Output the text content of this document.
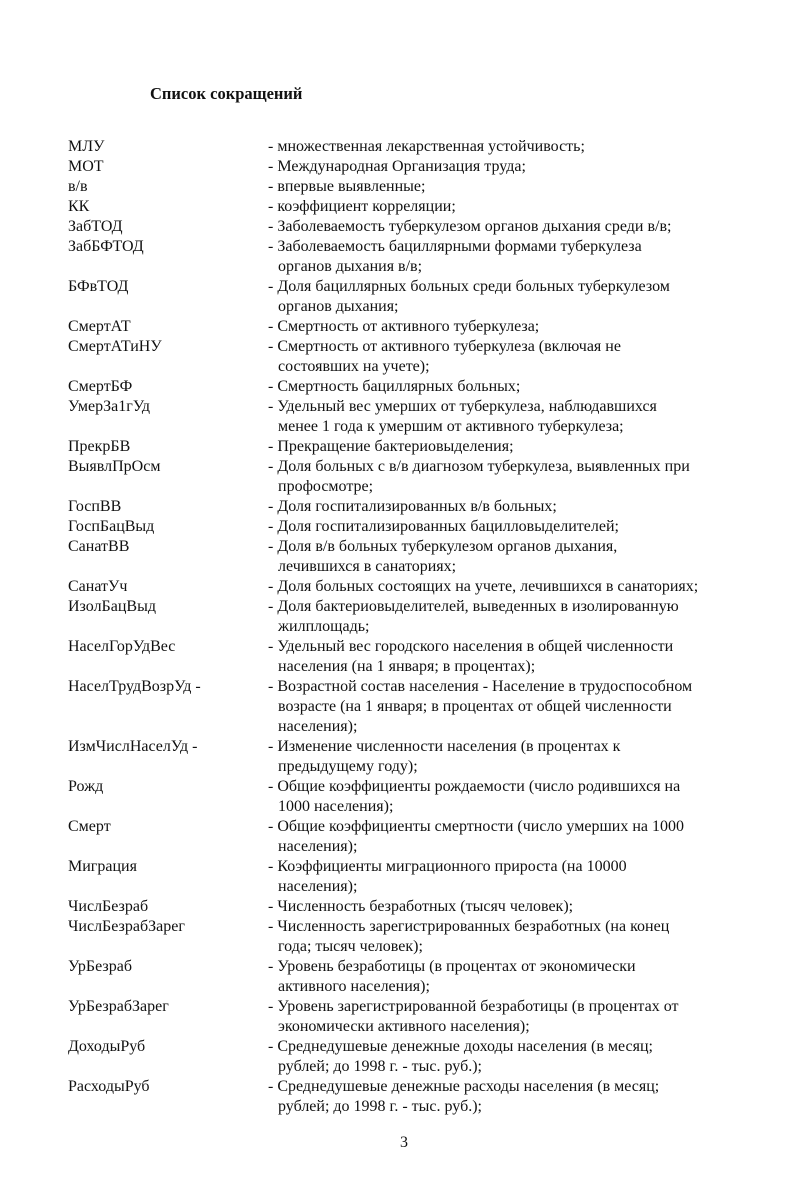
Список сокращений
МЛУ	- множественная лекарственная устойчивость;
МОТ	- Международная Организация труда;
в/в	- впервые выявленные;
КК	- коэффициент корреляции;
ЗабТОД	- Заболеваемость туберкулезом органов дыхания среди в/в;
ЗабБФТОД	- Заболеваемость бациллярными формами туберкулеза
органов дыхания в/в;
БФвТОД	- Доля бациллярных больных среди больных туберкулезом
органов дыхания;
СмертАТ	- Смертность от активного туберкулеза;
СмертАТиНУ	- Смертность от активного туберкулеза (включая не
состоявших на учете);
СмертБФ	- Смертность бациллярных больных;
УмерЗа1гУд	- Удельный вес умерших от туберкулеза, наблюдавшихся
менее 1 года к умершим от активного туберкулеза;
ПрекрБВ	- Прекращение бактериовыделения;
ВыявлПрОсм	- Доля больных с в/в диагнозом туберкулеза, выявленных при
профосмотре;
ГоспВВ	- Доля госпитализированных в/в больных;
ГоспБацВыд	- Доля госпитализированных бацилловыделителей;
СанатВВ	- Доля в/в больных туберкулезом органов дыхания,
лечившихся в санаториях;
СанатУч	- Доля больных состоящих на учете, лечившихся в санаториях;
ИзолБацВыд	- Доля бактериовыделителей, выведенных в изолированную
жилплощадь;
НаселГорУдВес	- Удельный вес городского населения в общей численности
населения (на 1 января; в процентах);
НаселТрудВозрУд -	- Возрастной состав населения - Население в трудоспособном
возрасте (на 1 января; в процентах от общей численности
населения);
ИзмЧислНаселУд -	- Изменение численности населения (в процентах к
предыдущему году);
Рожд	- Общие коэффициенты рождаемости (число родившихся на
1000 населения);
Смерт	- Общие коэффициенты смертности (число умерших на 1000
населения);
Миграция	- Коэффициенты миграционного прироста (на 10000
населения);
ЧислБезраб	- Численность безработных (тысяч человек);
ЧислБезрабЗарег	- Численность зарегистрированных безработных (на конец
года; тысяч человек);
УрБезраб	- Уровень безработицы (в процентах от экономически
активного населения);
УрБезрабЗарег	- Уровень зарегистрированной безработицы (в процентах от
экономически активного населения);
ДоходыРуб	- Среднедушевые денежные доходы населения (в месяц;
рублей; до 1998 г. - тыс. руб.);
РасходыРуб	- Среднедушевые денежные расходы населения (в месяц;
рублей; до 1998 г. - тыс. руб.);
3
